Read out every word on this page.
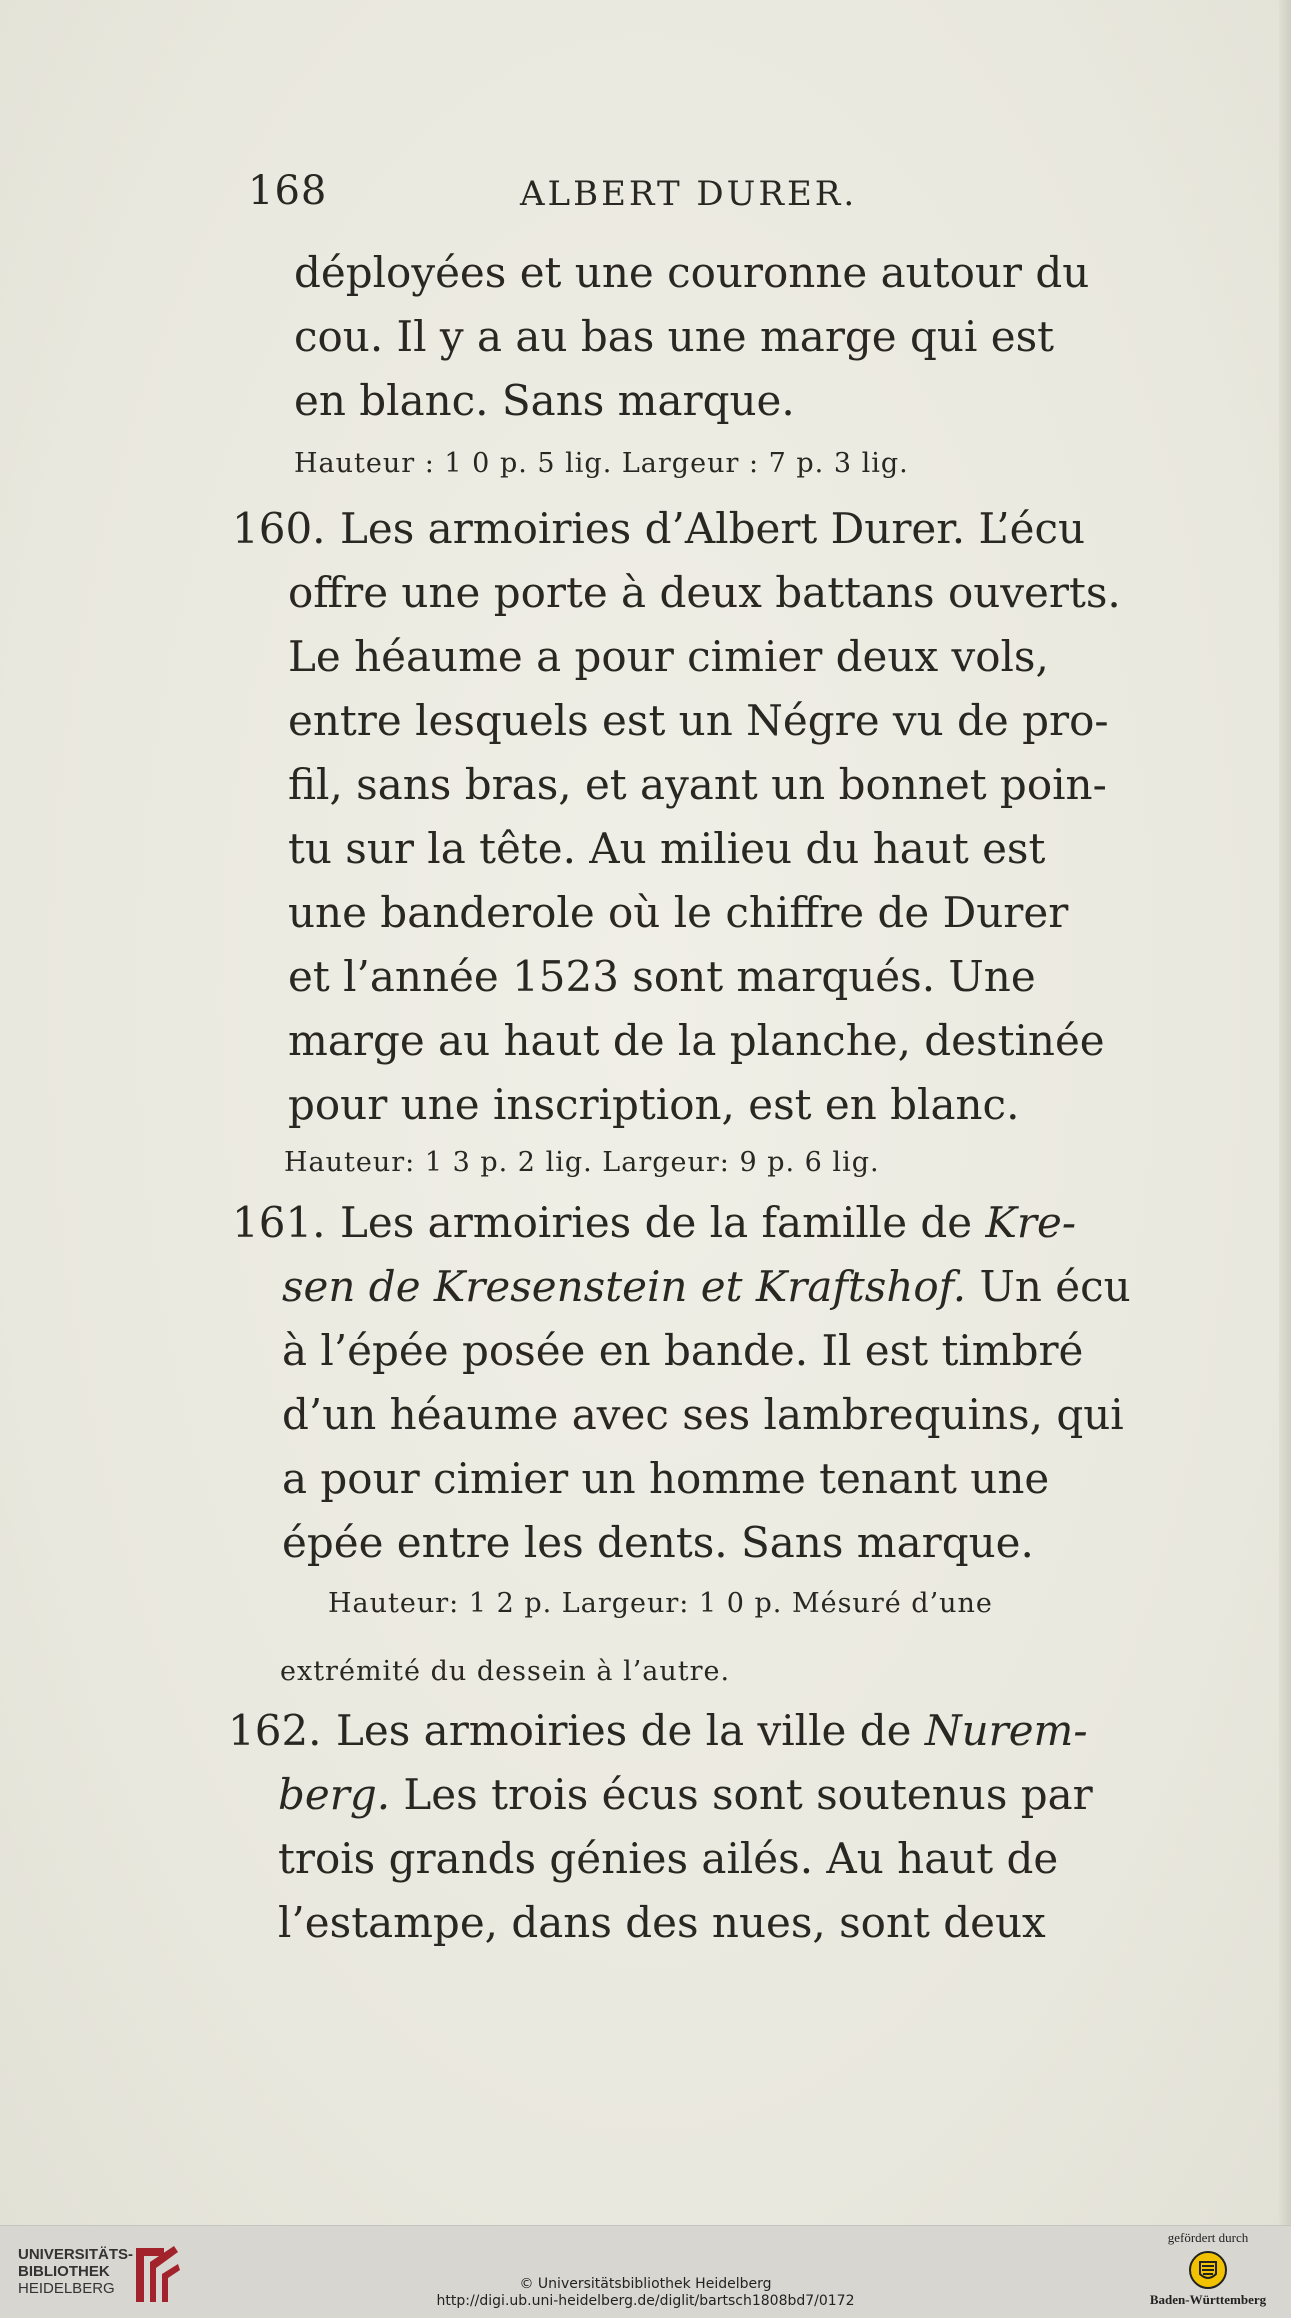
168	ALBERT DURER.
déployées et une couronne autour du
cou. Il y a au bas une marge qui est
en blanc. Sans marque.
Hauteur : 1 0 p. 5 lig. Largeur : 7 p. 3 lig.
160. Les armoiries d’Albert Durer. L’écu
offre une porte à deux battans ouverts.
Le héaume a pour cimier deux vols,
entre lesquels est un Négre vu de pro-
fil, sans bras, et ayant un bonnet poin-
tu sur la tête. Au milieu du haut est
une banderole où le chiffre de Durer
et l’année 1523 sont marqués. Une
marge au haut de la planche, destinée
pour une inscription, est en blanc.
Hauteur: 1 3 p. 2 lig. Largeur: 9 p. 6 lig.
161. Les armoiries de la famille de Kre-
sen de Kresenstein et Kraftshof. Un écu
à l’épée posée en bande. Il est timbré
d’un héaume avec ses lambrequins, qui
a pour cimier un homme tenant une
épée entre les dents. Sans marque.
Hauteur: 1 2 p. Largeur: 1 0 p. Mésuré d’une
extrémité du dessein à l’autre.
162. Les armoiries de la ville de Nurem-
berg. Les trois écus sont soutenus par
trois grands génies ailés. Au haut de
l’estampe, dans des nues, sont deux
UNIVERSITÄTS-
BIBLIOTHEK
HEIDELBERG	© Universitätsbibliothek Heidelberg
http://digi.ub.uni-heidelberg.de/diglit/bartsch1808bd7/0172
gefördert durch
Baden-Württemberg
